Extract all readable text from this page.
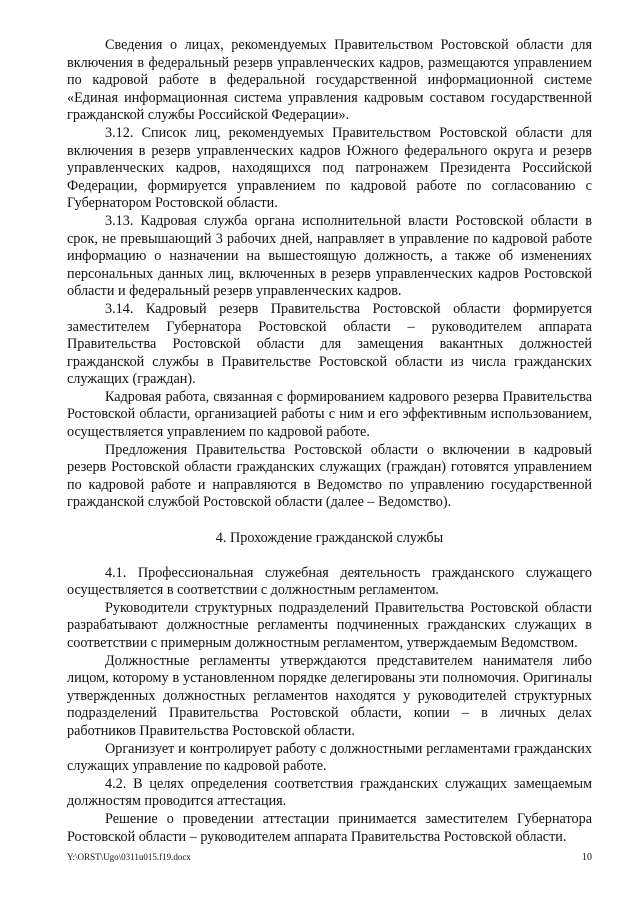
Сведения о лицах, рекомендуемых Правительством Ростовской области для включения в федеральный резерв управленческих кадров, размещаются управлением по кадровой работе в федеральной государственной информационной системе «Единая информационная система управления кадровым составом государственной гражданской службы Российской Федерации».

3.12. Список лиц, рекомендуемых Правительством Ростовской области для включения в резерв управленческих кадров Южного федерального округа и резерв управленческих кадров, находящихся под патронажем Президента Российской Федерации, формируется управлением по кадровой работе по согласованию с Губернатором Ростовской области.

3.13. Кадровая служба органа исполнительной власти Ростовской области в срок, не превышающий 3 рабочих дней, направляет в управление по кадровой работе информацию о назначении на вышестоящую должность, а также об изменениях персональных данных лиц, включенных в резерв управленческих кадров Ростовской области и федеральный резерв управленческих кадров.

3.14. Кадровый резерв Правительства Ростовской области формируется заместителем Губернатора Ростовской области – руководителем аппарата Правительства Ростовской области для замещения вакантных должностей гражданской службы в Правительстве Ростовской области из числа гражданских служащих (граждан).

Кадровая работа, связанная с формированием кадрового резерва Правительства Ростовской области, организацией работы с ним и его эффективным использованием, осуществляется управлением по кадровой работе.

Предложения Правительства Ростовской области о включении в кадровый резерв Ростовской области гражданских служащих (граждан) готовятся управлением по кадровой работе и направляются в Ведомство по управлению государственной гражданской службой Ростовской области (далее – Ведомство).

4. Прохождение гражданской службы

4.1. Профессиональная служебная деятельность гражданского служащего осуществляется в соответствии с должностным регламентом.

Руководители структурных подразделений Правительства Ростовской области разрабатывают должностные регламенты подчиненных гражданских служащих в соответствии с примерным должностным регламентом, утверждаемым Ведомством.

Должностные регламенты утверждаются представителем нанимателя либо лицом, которому в установленном порядке делегированы эти полномочия. Оригиналы утвержденных должностных регламентов находятся у руководителей структурных подразделений Правительства Ростовской области, копии – в личных делах работников Правительства Ростовской области.

Организует и контролирует работу с должностными регламентами гражданских служащих управление по кадровой работе.

4.2. В целях определения соответствия гражданских служащих замещаемым должностям проводится аттестация.

Решение о проведении аттестации принимается заместителем Губернатора Ростовской области – руководителем аппарата Правительства Ростовской области.

Y:\ORST\Ugo\0311u015.f19.docx	10
